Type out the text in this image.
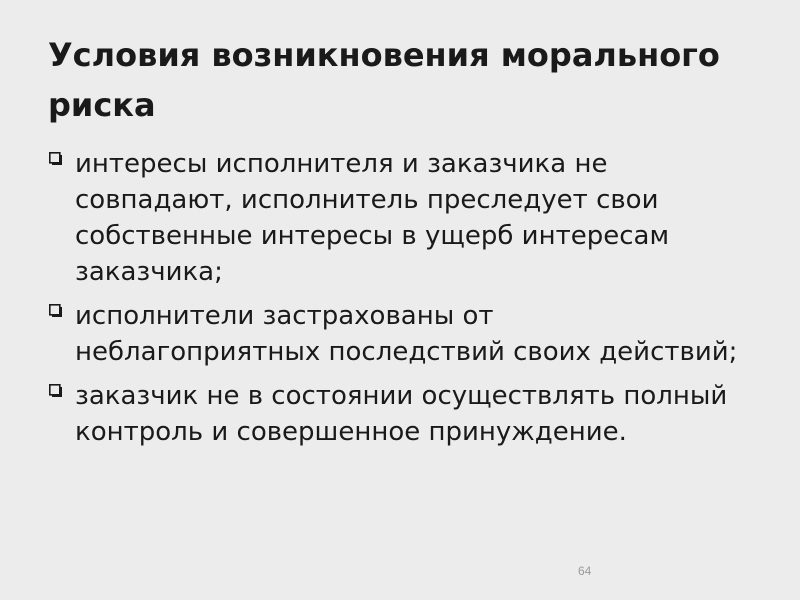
Условия возникновения морального риска
интересы исполнителя и заказчика не совпадают, исполнитель преследует свои собственные интересы в ущерб интересам заказчика;
исполнители застрахованы от неблагоприятных последствий своих действий;
заказчик не в состоянии осуществлять полный контроль и совершенное принуждение.
64
